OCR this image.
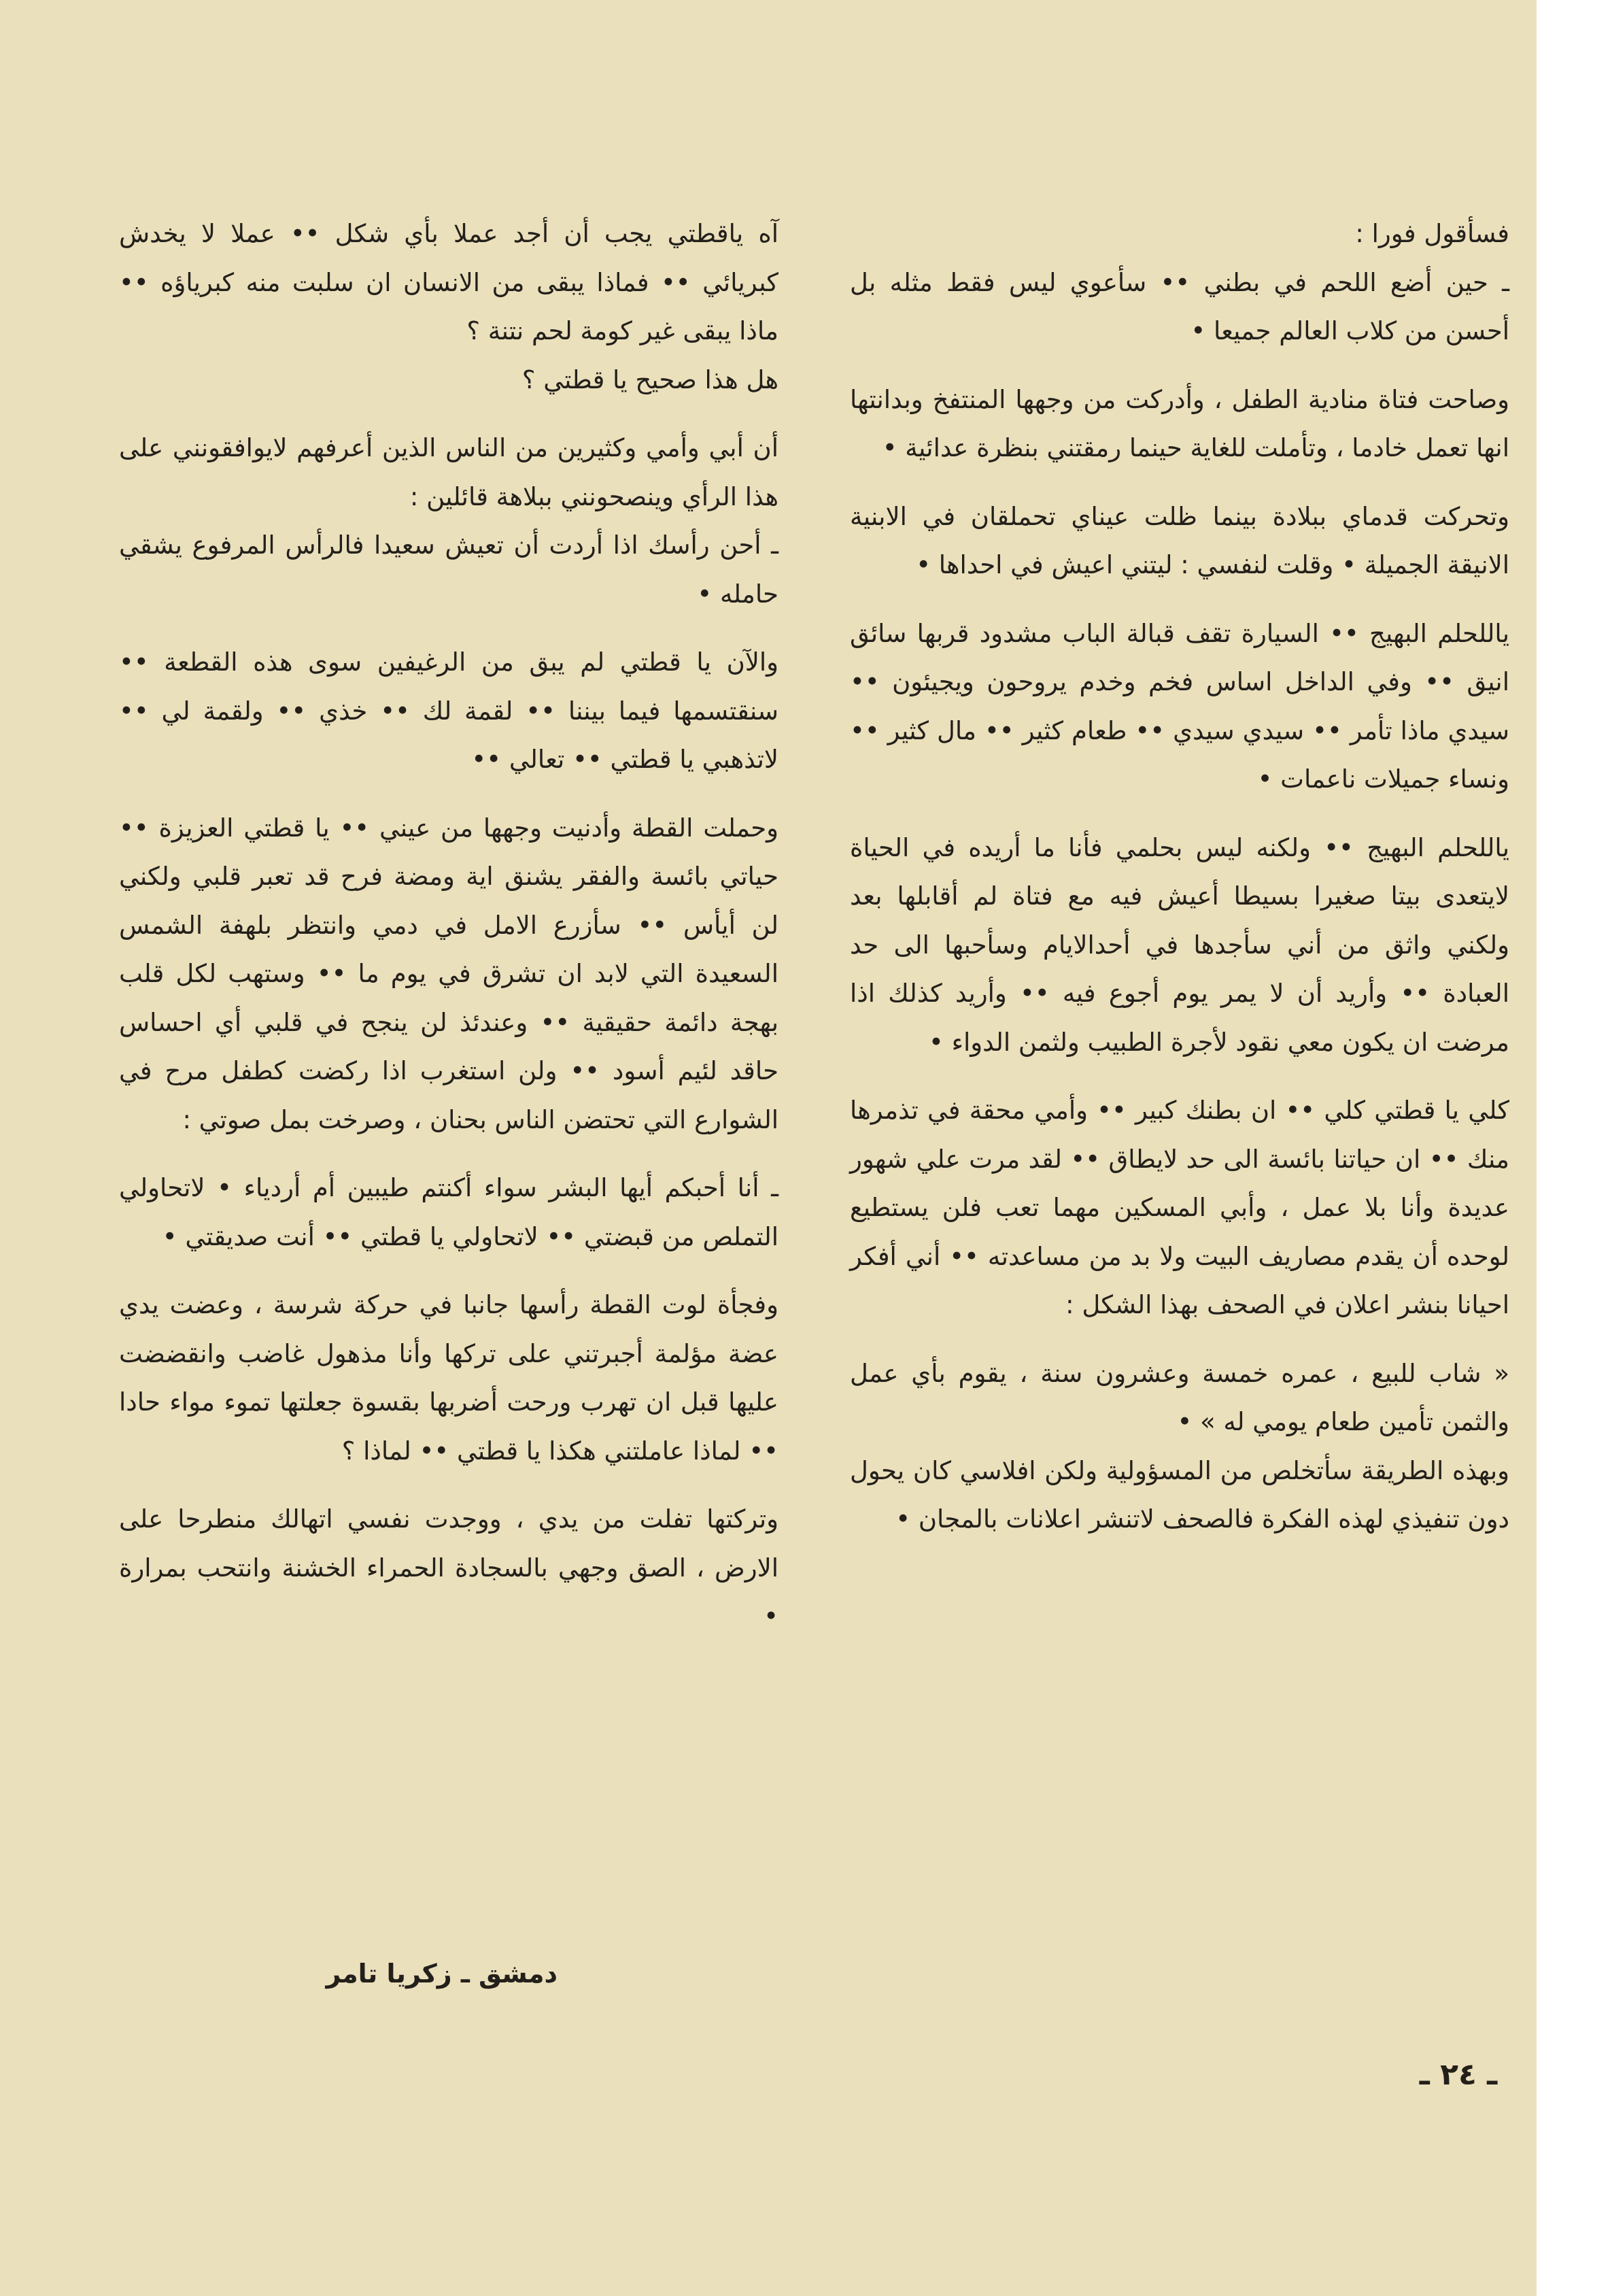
فسأقول فورا :

ـ حين أضع اللحم في بطني •• سأعوي ليس فقط مثله بل أحسن من كلاب العالم جميعا •

وصاحت فتاة منادية الطفل ، وأدركت من وجهها المنتفخ وبدانتها انها تعمل خادما ، وتأملت للغاية حينما رمقتني بنظرة عدائية •

وتحركت قدماي ببلادة بينما ظلت عيناي تحملقان في الابنية الانيقة الجميلة • وقلت لنفسي : ليتني اعيش في احداها •

ياللحلم البهيج •• السيارة تقف قبالة الباب مشدود قربها سائق انيق •• وفي الداخل اساس فخم وخدم يروحون ويجيئون •• سيدي ماذا تأمر •• سيدي سيدي •• طعام كثير •• مال كثير •• ونساء جميلات ناعمات •

ياللحلم البهيج •• ولكنه ليس بحلمي فأنا ما أريده في الحياة لايتعدى بيتا صغيرا بسيطا أعيش فيه مع فتاة لم أقابلها بعد ولكني واثق من أني سأجدها في أحدالايام وسأحبها الى حد العبادة •• وأريد أن لا يمر يوم أجوع فيه •• وأريد كذلك اذا مرضت ان يكون معي نقود لأجرة الطبيب ولثمن الدواء •

كلي يا قطتي كلي •• ان بطنك كبير •• وأمي محقة في تذمرها منك •• ان حياتنا بائسة الى حد لايطاق •• لقد مرت علي شهور عديدة وأنا بلا عمل ، وأبي المسكين مهما تعب فلن يستطيع لوحده أن يقدم مصاريف البيت ولا بد من مساعدته •• أني أفكر احيانا بنشر اعلان في الصحف بهذا الشكل :

« شاب للبيع ، عمره خمسة وعشرون سنة ، يقوم بأي عمل والثمن تأمين طعام يومي له » •

وبهذه الطريقة سأتخلص من المسؤولية ولكن افلاسي كان يحول دون تنفيذي لهذه الفكرة فالصحف لاتنشر اعلانات بالمجان •

آه ياقطتي يجب أن أجد عملا بأي شكل •• عملا لا يخدش كبريائي •• فماذا يبقى من الانسان ان سلبت منه كبرياؤه •• ماذا يبقى غير كومة لحم نتنة ؟

هل هذا صحيح يا قطتي ؟

أن أبي وأمي وكثيرين من الناس الذين أعرفهم لايوافقونني على هذا الرأي وينصحونني ببلاهة قائلين :

ـ أحن رأسك اذا أردت أن تعيش سعيدا فالرأس المرفوع يشقي حامله •

والآن يا قطتي لم يبق من الرغيفين سوى هذه القطعة •• سنقتسمها فيما بيننا •• لقمة لك •• خذي •• ولقمة لي •• لاتذهبي يا قطتي •• تعالي ••

وحملت القطة وأدنيت وجهها من عيني •• يا قطتي العزيزة •• حياتي بائسة والفقر يشنق اية ومضة فرح قد تعبر قلبي ولكني لن أيأس •• سأزرع الامل في دمي وانتظر بلهفة الشمس السعيدة التي لابد ان تشرق في يوم ما •• وستهب لكل قلب بهجة دائمة حقيقية •• وعندئذ لن ينجح في قلبي أي احساس حاقد لئيم أسود •• ولن استغرب اذا ركضت كطفل مرح في الشوارع التي تحتضن الناس بحنان ، وصرخت بمل صوتي :

ـ أنا أحبكم أيها البشر سواء أكنتم طيبين أم أردياء • لاتحاولي التملص من قبضتي •• لاتحاولي يا قطتي •• أنت صديقتي •

وفجأة لوت القطة رأسها جانبا في حركة شرسة ، وعضت يدي عضة مؤلمة أجبرتني على تركها وأنا مذهول غاضب وانقضضت عليها قبل ان تهرب ورحت أضربها بقسوة جعلتها تموء مواء حادا •• لماذا عاملتني هكذا يا قطتي •• لماذا ؟

وتركتها تفلت من يدي ، ووجدت نفسي اتهالك منطرحا على الارض ، الصق وجهي بالسجادة الحمراء الخشنة وانتحب بمرارة •

دمشق ـ زكريا تامر
ـ ٢٤ ـ
